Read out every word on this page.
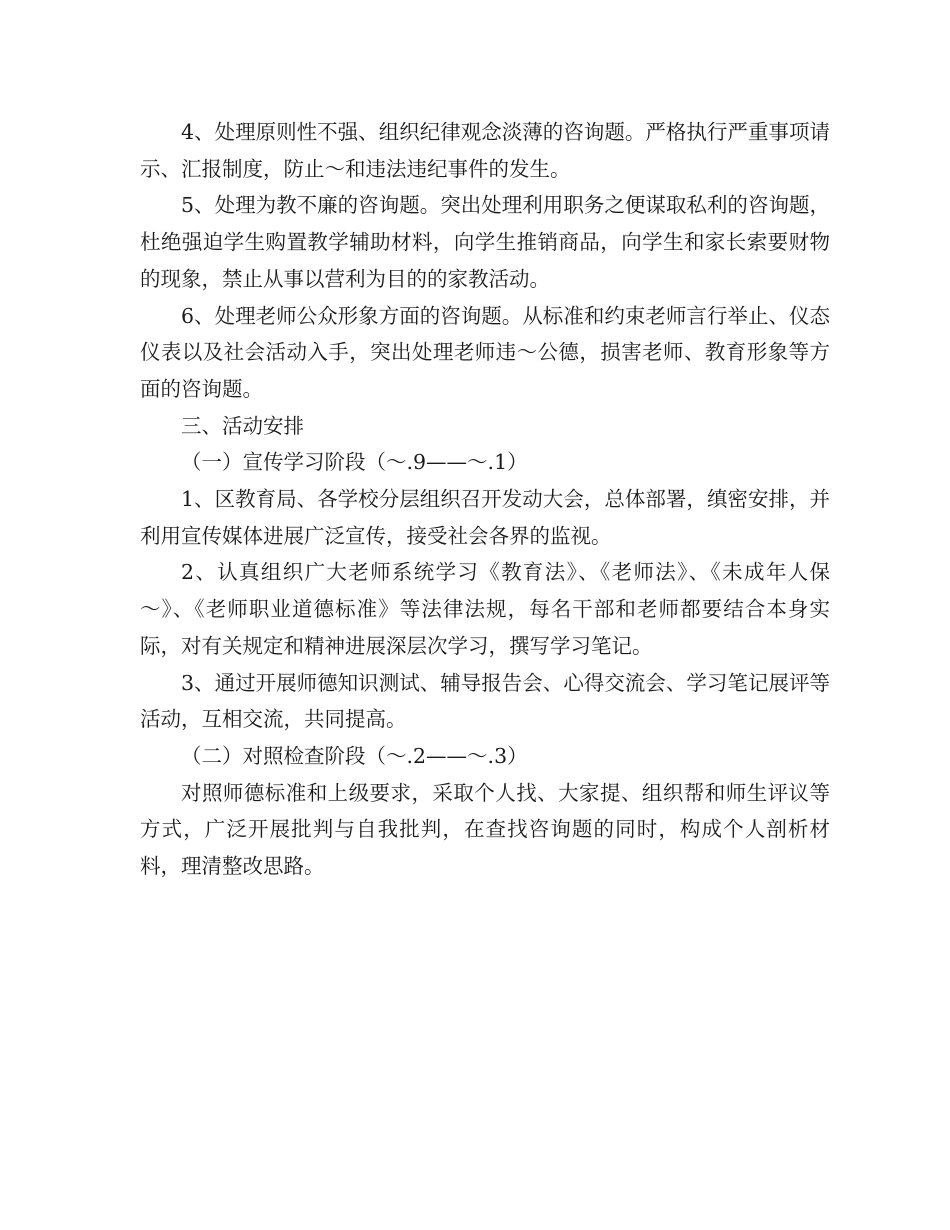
4、处理原则性不强、组织纪律观念淡薄的咨询题。严格执行严重事项请示、汇报制度，防止～和违法违纪事件的发生。

5、处理为教不廉的咨询题。突出处理利用职务之便谋取私利的咨询题，杜绝强迫学生购置教学辅助材料，向学生推销商品，向学生和家长索要财物的现象，禁止从事以营利为目的的家教活动。

6、处理老师公众形象方面的咨询题。从标准和约束老师言行举止、仪态仪表以及社会活动入手，突出处理老师违～公德，损害老师、教育形象等方面的咨询题。

三、活动安排

（一）宣传学习阶段（～.9——～.1）

1、区教育局、各学校分层组织召开发动大会，总体部署，缜密安排，并利用宣传媒体进展广泛宣传，接受社会各界的监视。

2、认真组织广大老师系统学习《教育法》、《老师法》、《未成年人保～》、《老师职业道德标准》等法律法规，每名干部和老师都要结合本身实际，对有关规定和精神进展深层次学习，撰写学习笔记。

3、通过开展师德知识测试、辅导报告会、心得交流会、学习笔记展评等活动，互相交流，共同提高。

（二）对照检查阶段（～.2——～.3）

对照师德标准和上级要求，采取个人找、大家提、组织帮和师生评议等方式，广泛开展批判与自我批判，在查找咨询题的同时，构成个人剖析材料，理清整改思路。
